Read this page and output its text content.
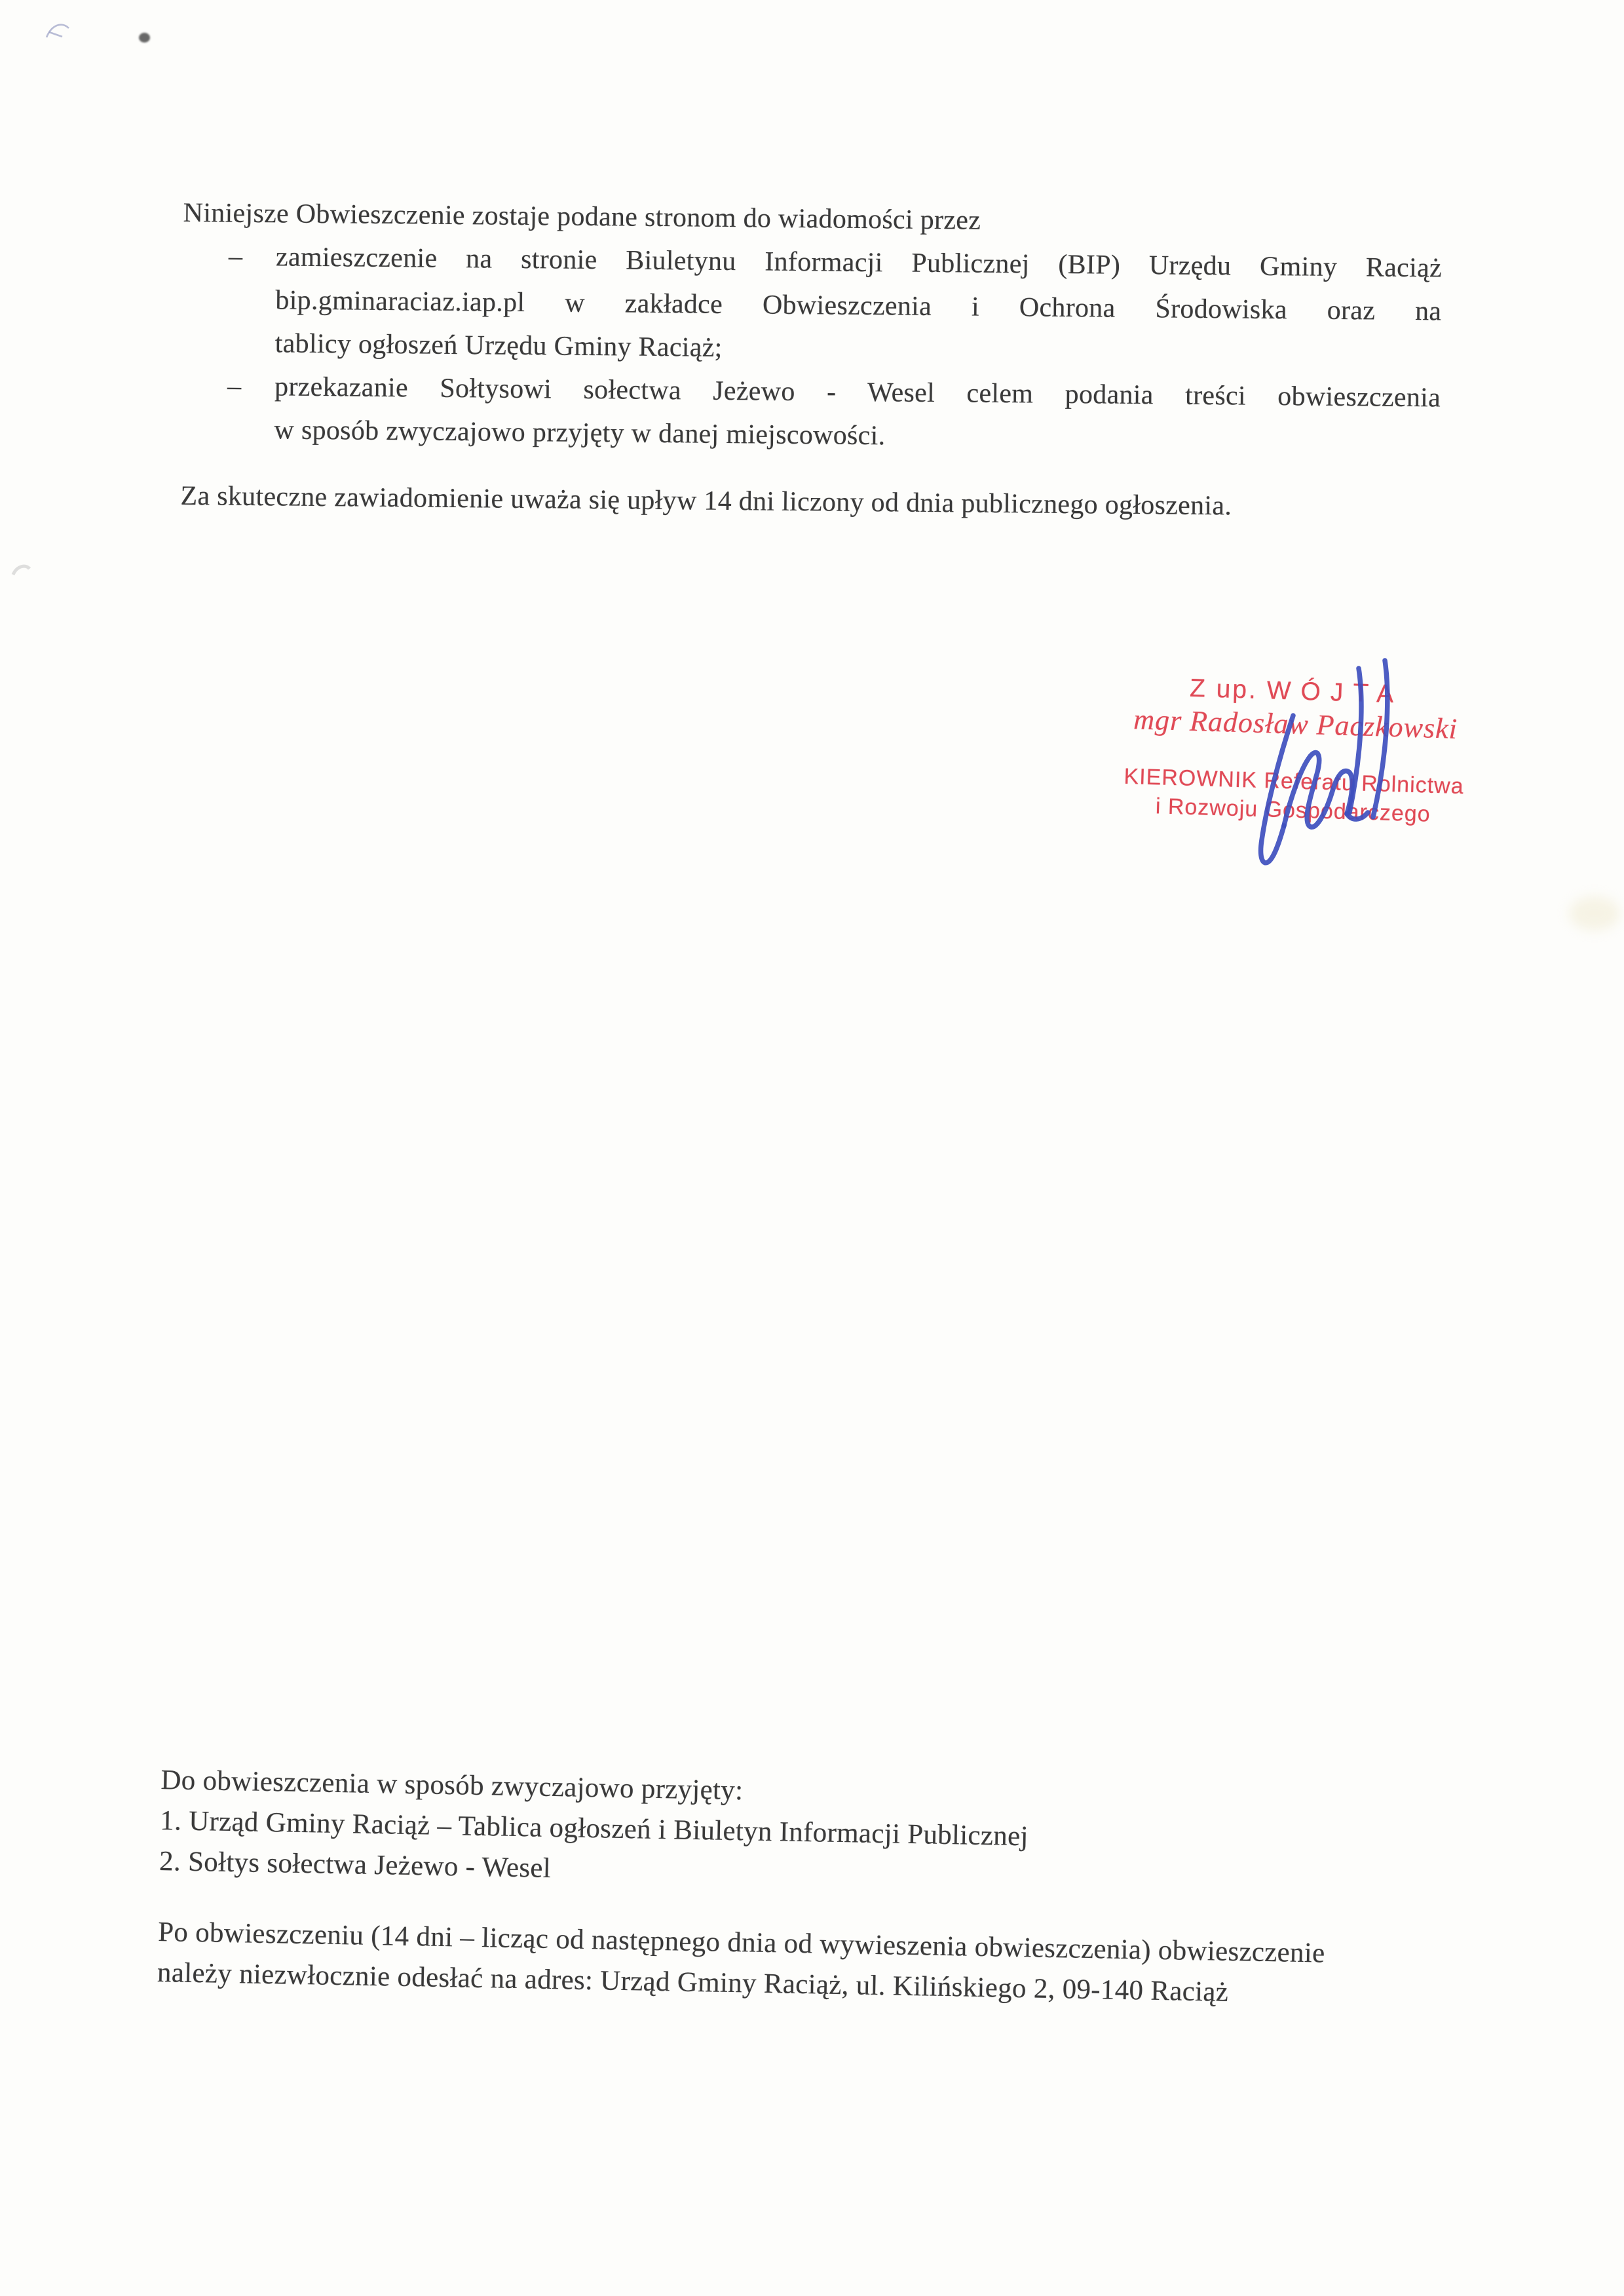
Niniejsze Obwieszczenie zostaje podane stronom do wiadomości przez
–	zamieszczenie na stronie Biuletynu Informacji Publicznej (BIP) Urzędu Gminy Raciąż
bip.gminaraciaz.iap.pl w zakładce Obwieszczenia i Ochrona Środowiska oraz na
tablicy ogłoszeń Urzędu Gminy Raciąż;
–	przekazanie Sołtysowi sołectwa Jeżewo - Wesel celem podania treści obwieszczenia
w sposób zwyczajowo przyjęty w danej miejscowości.
Za skuteczne zawiadomienie uważa się upływ 14 dni liczony od dnia publicznego ogłoszenia.
Z up. WÓJTA
mgr Radosław Paczkowski
KIEROWNIK Referatu Rolnictwa
i Rozwoju Gospodarczego
Do obwieszczenia w sposób zwyczajowo przyjęty:
1. Urząd Gminy Raciąż – Tablica ogłoszeń i Biuletyn Informacji Publicznej
2. Sołtys sołectwa Jeżewo - Wesel
Po obwieszczeniu (14 dni – licząc od następnego dnia od wywieszenia obwieszczenia) obwieszczenie
należy niezwłocznie odesłać na adres: Urząd Gminy Raciąż, ul. Kilińskiego 2, 09-140 Raciąż
